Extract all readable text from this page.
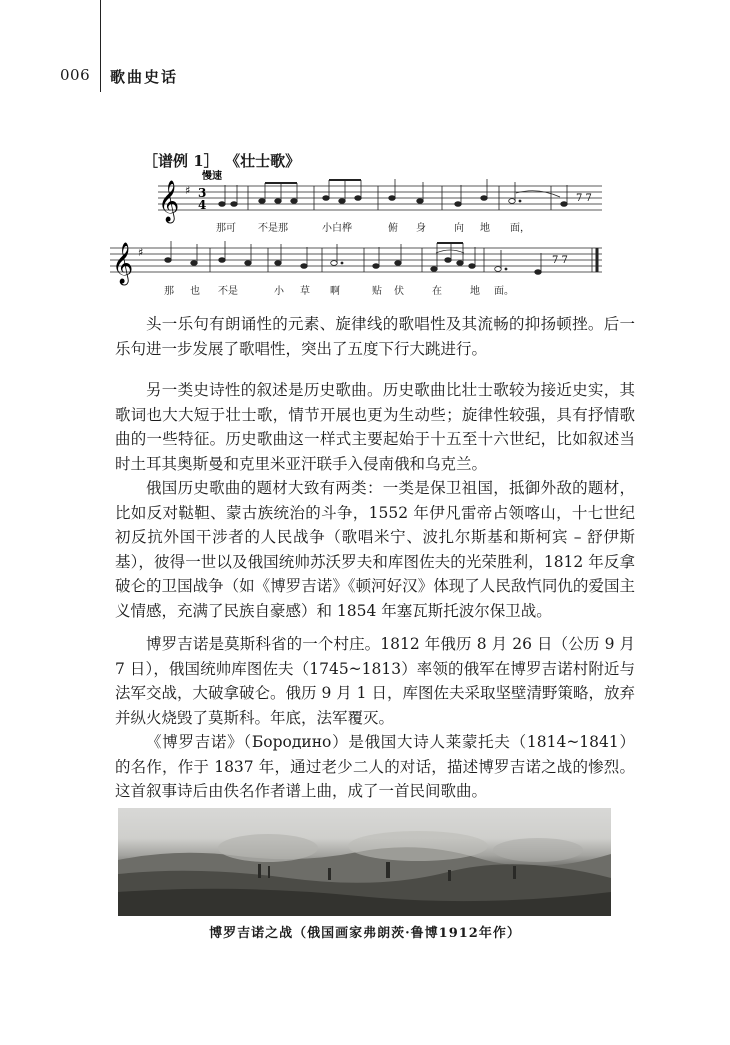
006 歌曲史话
［谱例 1］ 《壮士歌》
𝄞 ♯
慢速
3
4	7 7
那可 不是那	小白桦	俯 身	向 地 面，
𝄞 ♯
7 7
那 也 不是	小 草 啊	贴 伏	在	地 面。

头一乐句有朗诵性的元素、旋律线的歌唱性及其流畅的抑扬顿挫。后一乐句进一步发展了歌唱性，突出了五度下行大跳进行。

另一类史诗性的叙述是历史歌曲。历史歌曲比壮士歌较为接近史实，其歌词也大大短于壮士歌，情节开展也更为生动些；旋律性较强，具有抒情歌曲的一些特征。历史歌曲这一样式主要起始于十五至十六世纪，比如叙述当时土耳其奥斯曼和克里米亚汗联手入侵南俄和乌克兰。

俄国历史歌曲的题材大致有两类：一类是保卫祖国，抵御外敌的题材，比如反对鞑靼、蒙古族统治的斗争，1552 年伊凡雷帝占领喀山，十七世纪初反抗外国干涉者的人民战争（歌唱米宁、波扎尔斯基和斯柯宾 – 舒伊斯基），彼得一世以及俄国统帅苏沃罗夫和库图佐夫的光荣胜利，1812 年反拿破仑的卫国战争（如《博罗吉诺》《顿河好汉》体现了人民敌忾同仇的爱国主义情感，充满了民族自豪感）和 1854 年塞瓦斯托波尔保卫战。

博罗吉诺是莫斯科省的一个村庄。1812 年俄历 8 月 26 日（公历 9 月 7 日），俄国统帅库图佐夫（1745~1813）率领的俄军在博罗吉诺村附近与法军交战，大破拿破仑。俄历 9 月 1 日，库图佐夫采取坚壁清野策略，放弃并纵火烧毁了莫斯科。年底，法军覆灭。

《博罗吉诺》（Бородино）是俄国大诗人莱蒙托夫（1814~1841）的名作，作于 1837 年，通过老少二人的对话，描述博罗吉诺之战的惨烈。这首叙事诗后由佚名作者谱上曲，成了一首民间歌曲。

博罗吉诺之战（俄国画家弗朗茨·鲁博1912年作）
